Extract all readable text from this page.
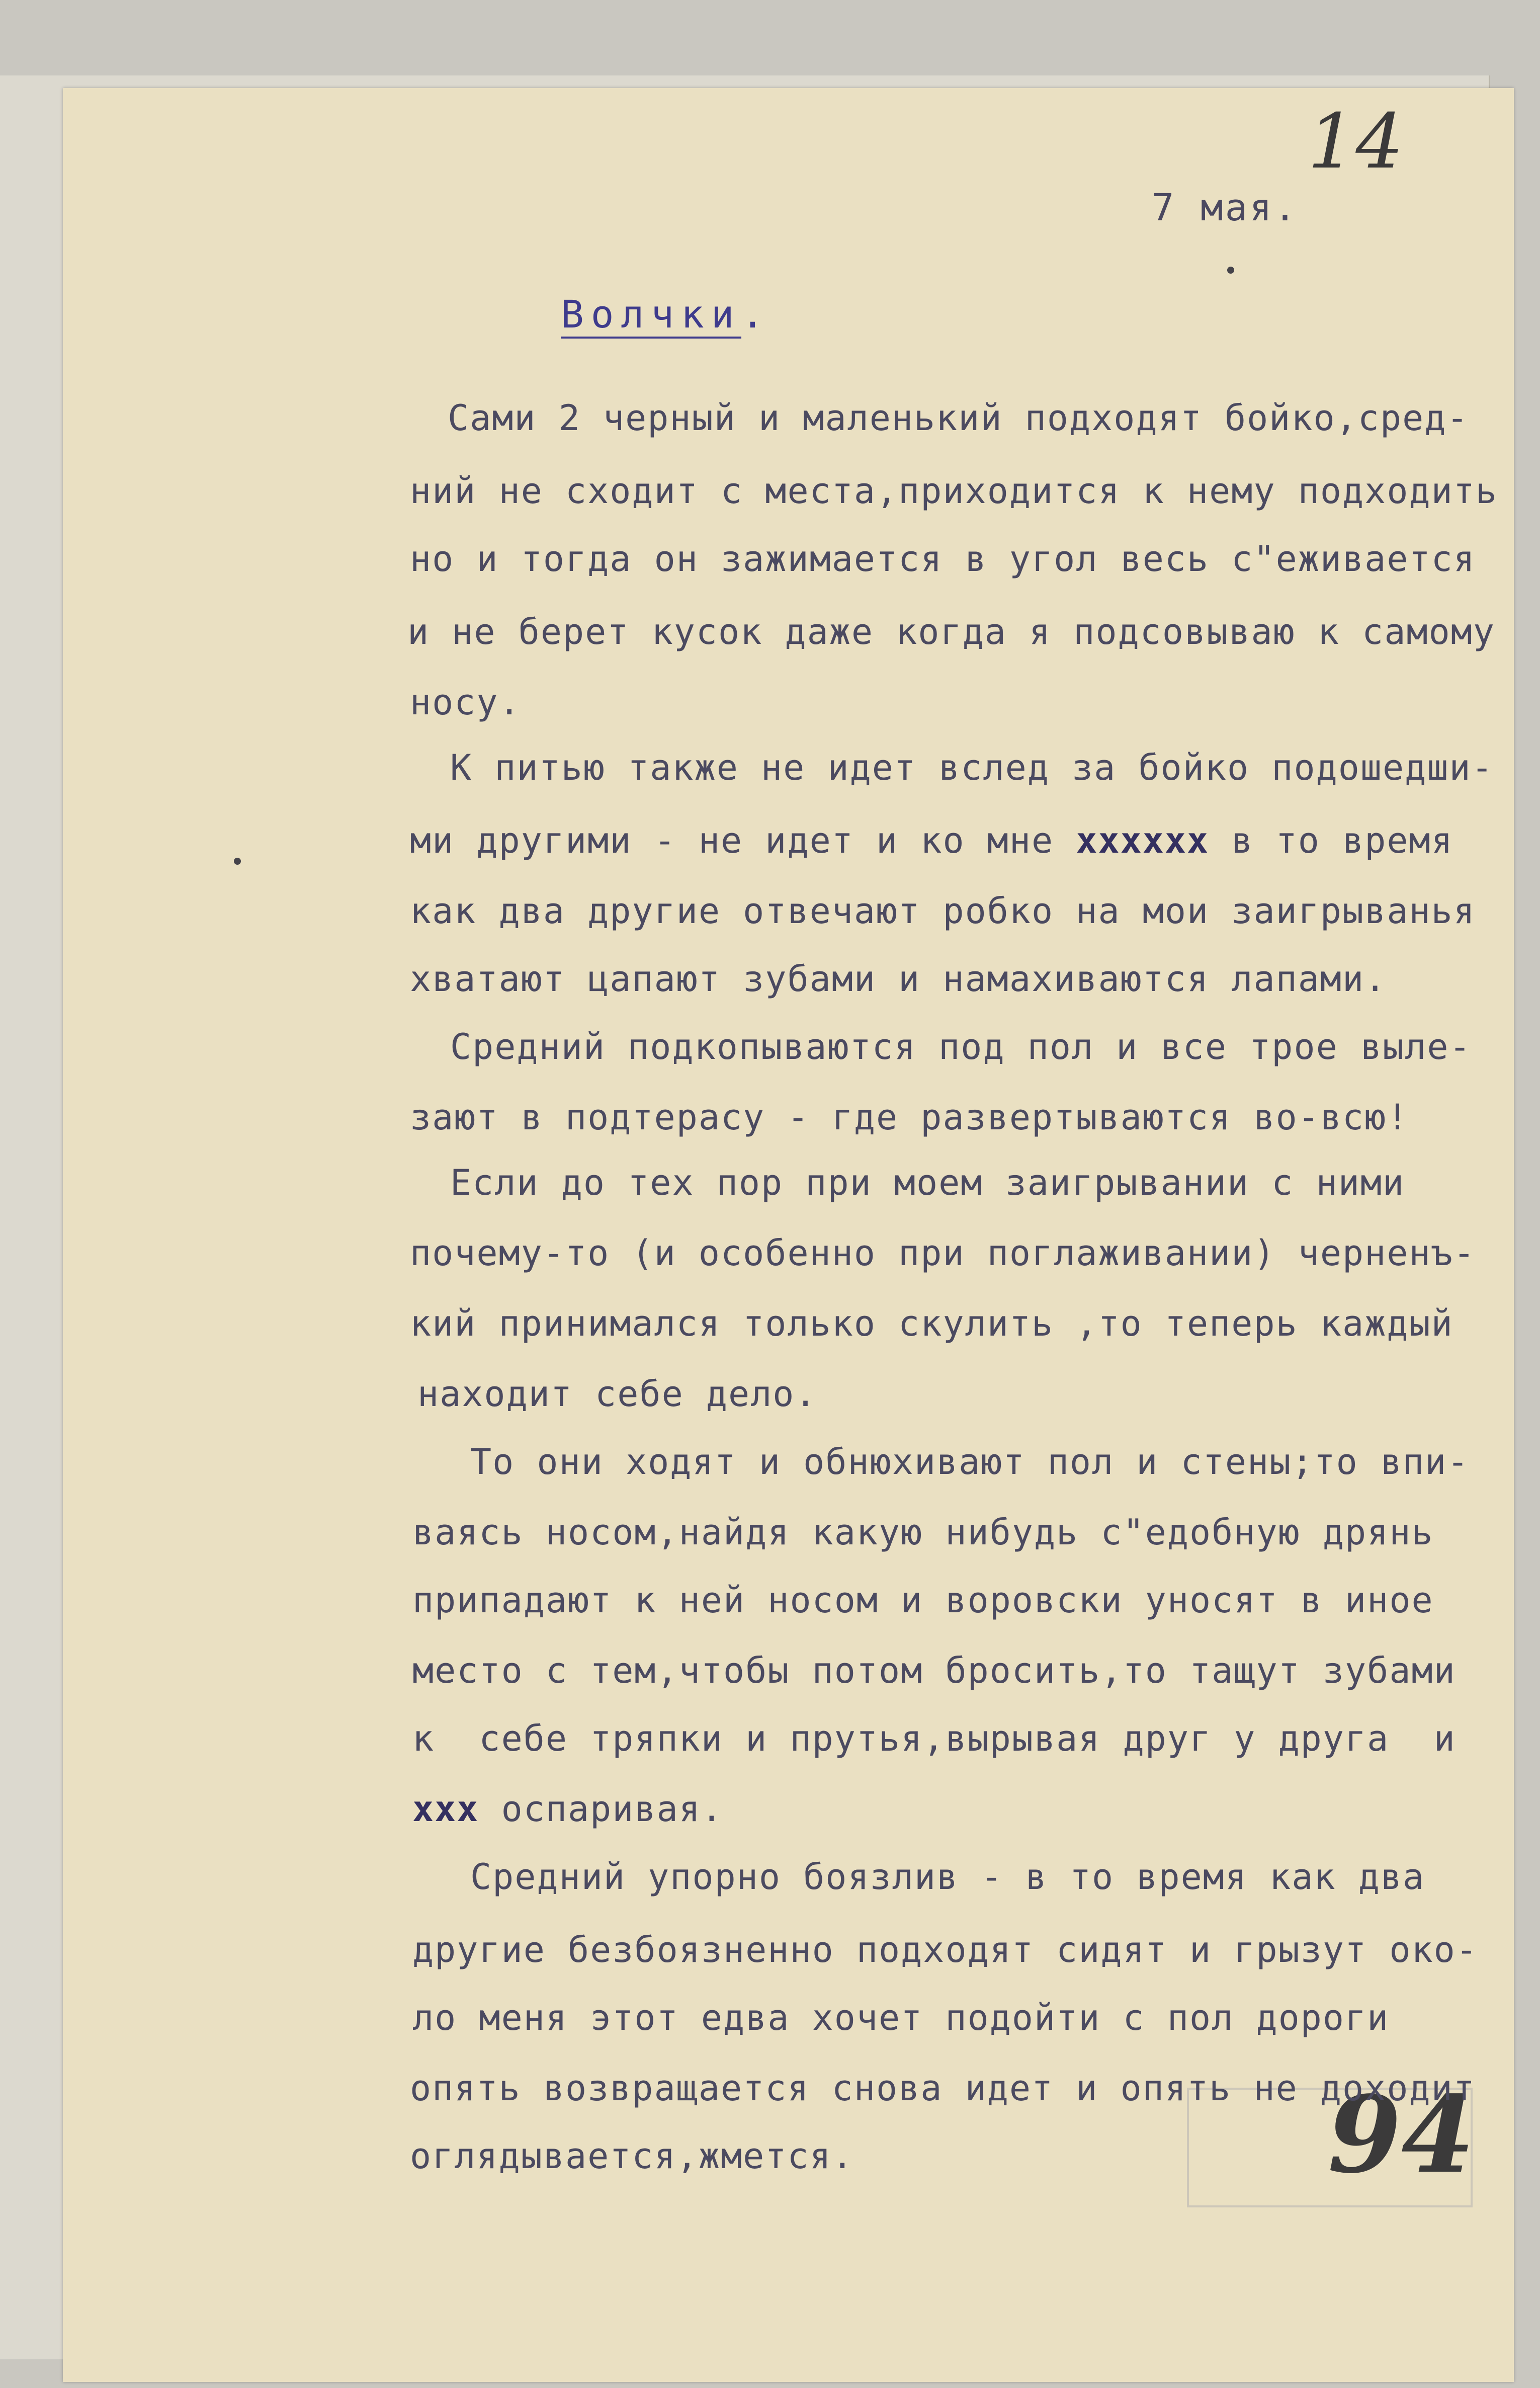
14
94
7 мая.
Волчки.
Сами 2 черный и маленький подходят бойко,сред-
ний не сходит с места,приходится к нему подходить
но и тогда он зажимается в угол весь с"еживается
и не берет кусок даже когда я подсовываю к самому
носу.
К питью также не идет вслед за бойко подошедши-
ми другими - не идет и ко мне хххххх в то время
как два другие отвечают робко на мои заигрыванья
хватают цапают зубами и намахиваются лапами.
Средний подкопываются под пол и все трое выле-
зают в подтерасу - где развертываются во-всю!
Если до тех пор при моем заигрывании с ними
почему-то (и особенно при поглаживании) черненъ-
кий принимался только скулить ,то теперь каждый
находит себе дело.
То они ходят и обнюхивают пол и стены;то впи-
ваясь носом,найдя какую нибудь с"едобную дрянь
припадают к ней носом и воровски уносят в иное
место с тем,чтобы потом бросить,то тащут зубами
к  себе тряпки и прутья,вырывая друг у друга  и
ххх оспаривая.
Средний упорно боязлив - в то время как два
другие безбоязненно подходят сидят и грызут око-
ло меня этот едва хочет подойти с пол дороги
опять возвращается снова идет и опять не доходит
оглядывается,жмется.
